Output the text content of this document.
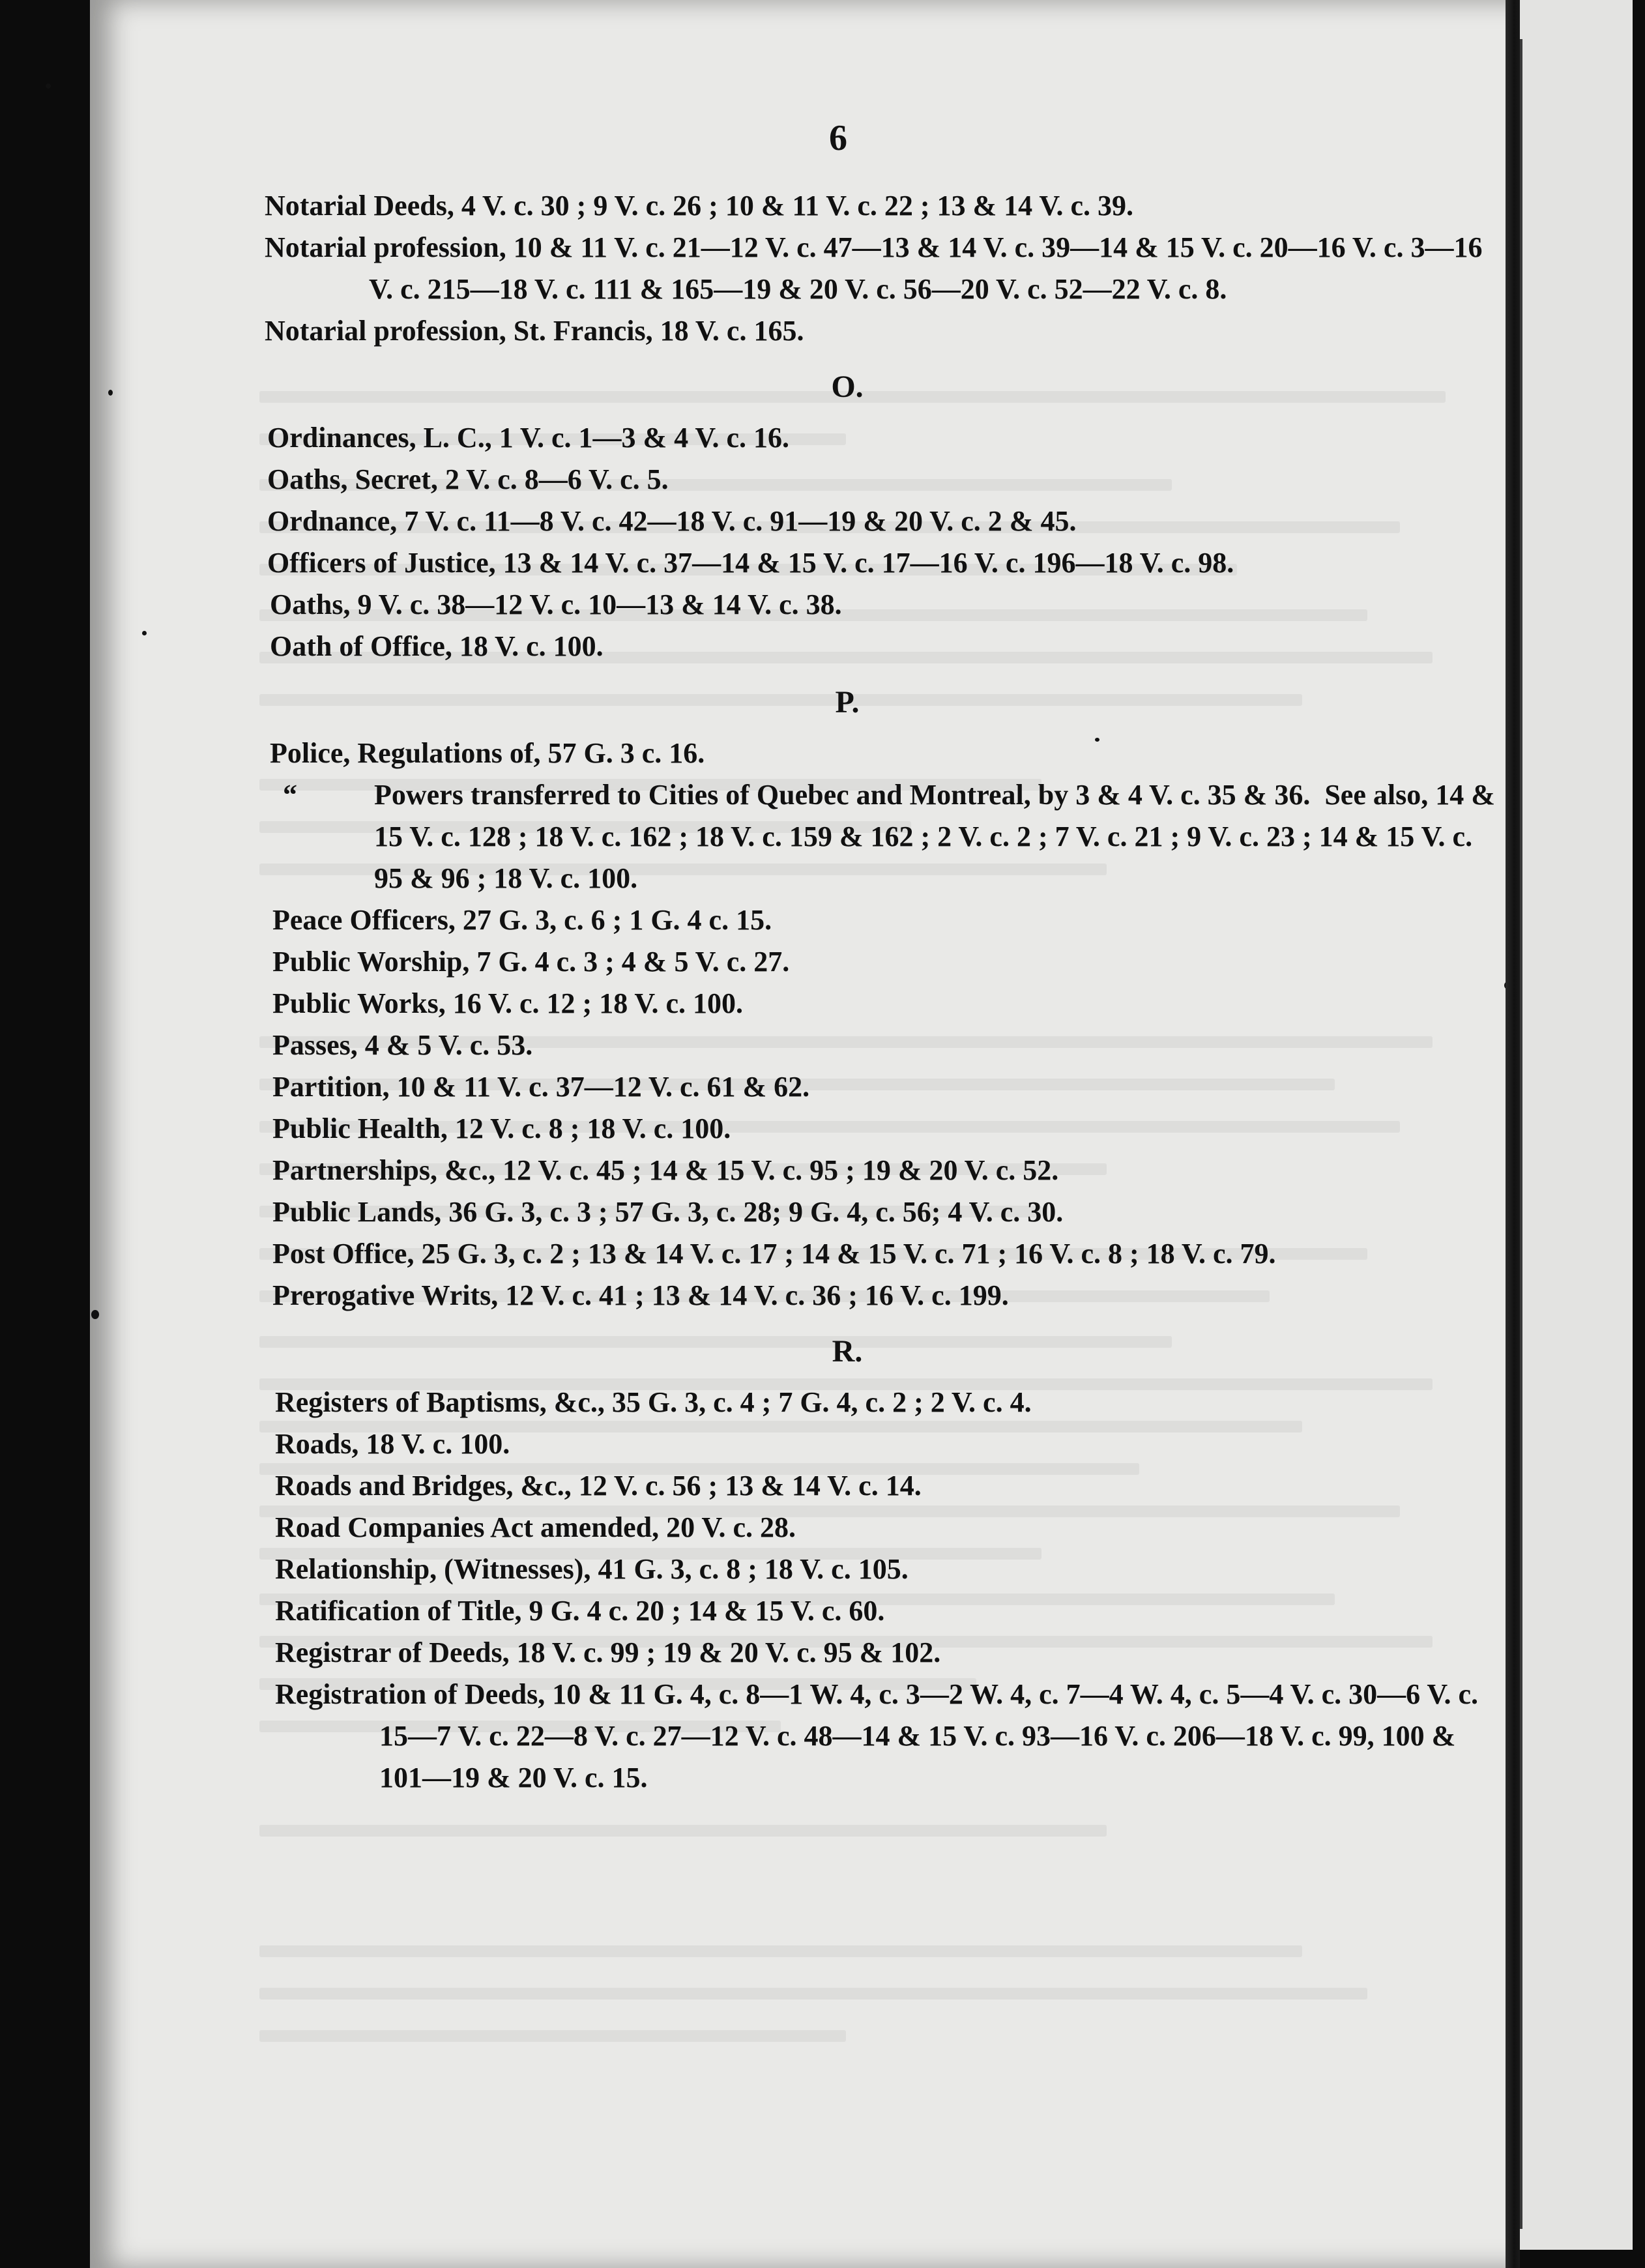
6

Notarial Deeds, 4 V. c. 30 ; 9 V. c. 26 ; 10 & 11 V. c. 22 ; 13 & 14 V. c. 39.

Notarial profession, 10 & 11 V. c. 21—12 V. c. 47—13 & 14 V. c. 39—14 & 15 V. c. 20—16 V. c. 3—16 V. c. 215—18 V. c. 111 & 165—19 & 20 V. c. 56—20 V. c. 52—22 V. c. 8.

Notarial profession, St. Francis, 18 V. c. 165.

O.

Ordinances, L. C., 1 V. c. 1—3 & 4 V. c. 16.

Oaths, Secret, 2 V. c. 8—6 V. c. 5.

Ordnance, 7 V. c. 11—8 V. c. 42—18 V. c. 91—19 & 20 V. c. 2 & 45.

Officers of Justice, 13 & 14 V. c. 37—14 & 15 V. c. 17—16 V. c. 196—18 V. c. 98.

Oaths, 9 V. c. 38—12 V. c. 10—13 & 14 V. c. 38.

Oath of Office, 18 V. c. 100.

P.

Police, Regulations of, 57 G. 3 c. 16.

“	Powers transferred to Cities of Quebec and Montreal, by 3 & 4 V. c. 35 & 36.  See also, 14 & 15 V. c. 128 ; 18 V. c. 162 ; 18 V. c. 159 & 162 ; 2 V. c. 2 ; 7 V. c. 21 ; 9 V. c. 23 ; 14 & 15 V. c. 95 & 96 ; 18 V. c. 100.

Peace Officers, 27 G. 3, c. 6 ; 1 G. 4 c. 15.

Public Worship, 7 G. 4 c. 3 ; 4 & 5 V. c. 27.

Public Works, 16 V. c. 12 ; 18 V. c. 100.

Passes, 4 & 5 V. c. 53.

Partition, 10 & 11 V. c. 37—12 V. c. 61 & 62.

Public Health, 12 V. c. 8 ; 18 V. c. 100.

Partnerships, &c., 12 V. c. 45 ; 14 & 15 V. c. 95 ; 19 & 20 V. c. 52.

Public Lands, 36 G. 3, c. 3 ; 57 G. 3, c. 28; 9 G. 4, c. 56; 4 V. c. 30.

Post Office, 25 G. 3, c. 2 ; 13 & 14 V. c. 17 ; 14 & 15 V. c. 71 ; 16 V. c. 8 ; 18 V. c. 79.

Prerogative Writs, 12 V. c. 41 ; 13 & 14 V. c. 36 ; 16 V. c. 199.

R.

Registers of Baptisms, &c., 35 G. 3, c. 4 ; 7 G. 4, c. 2 ; 2 V. c. 4.

Roads, 18 V. c. 100.

Roads and Bridges, &c., 12 V. c. 56 ; 13 & 14 V. c. 14.

Road Companies Act amended, 20 V. c. 28.

Relationship, (Witnesses), 41 G. 3, c. 8 ; 18 V. c. 105.

Ratification of Title, 9 G. 4 c. 20 ; 14 & 15 V. c. 60.

Registrar of Deeds, 18 V. c. 99 ; 19 & 20 V. c. 95 & 102.

Registration of Deeds, 10 & 11 G. 4, c. 8—1 W. 4, c. 3—2 W. 4, c. 7—4 W. 4, c. 5—4 V. c. 30—6 V. c. 15—7 V. c. 22—8 V. c. 27—12 V. c. 48—14 & 15 V. c. 93—16 V. c. 206—18 V. c. 99, 100 & 101—19 & 20 V. c. 15.
